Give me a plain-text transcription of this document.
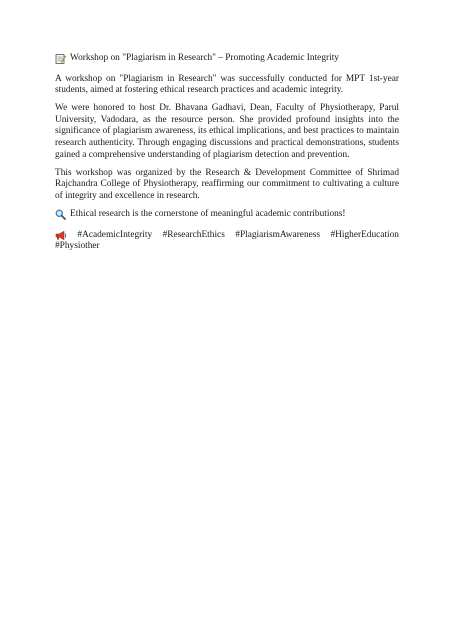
Workshop on "Plagiarism in Research" – Promoting Academic Integrity

A workshop on "Plagiarism in Research" was successfully conducted for MPT 1st-year students, aimed at fostering ethical research practices and academic integrity.

We were honored to host Dr. Bhavana Gadhavi, Dean, Faculty of Physiotherapy, Parul University, Vadodara, as the resource person. She provided profound insights into the significance of plagiarism awareness, its ethical implications, and best practices to maintain research authenticity. Through engaging discussions and practical demonstrations, students gained a comprehensive understanding of plagiarism detection and prevention.

This workshop was organized by the Research & Development Committee of Shrimad Rajchandra College of Physiotherapy, reaffirming our commitment to cultivating a culture of integrity and excellence in research.

Ethical research is the cornerstone of meaningful academic contributions!
#AcademicIntegrity #ResearchEthics #PlagiarismAwareness #HigherEducation
#Physiother
